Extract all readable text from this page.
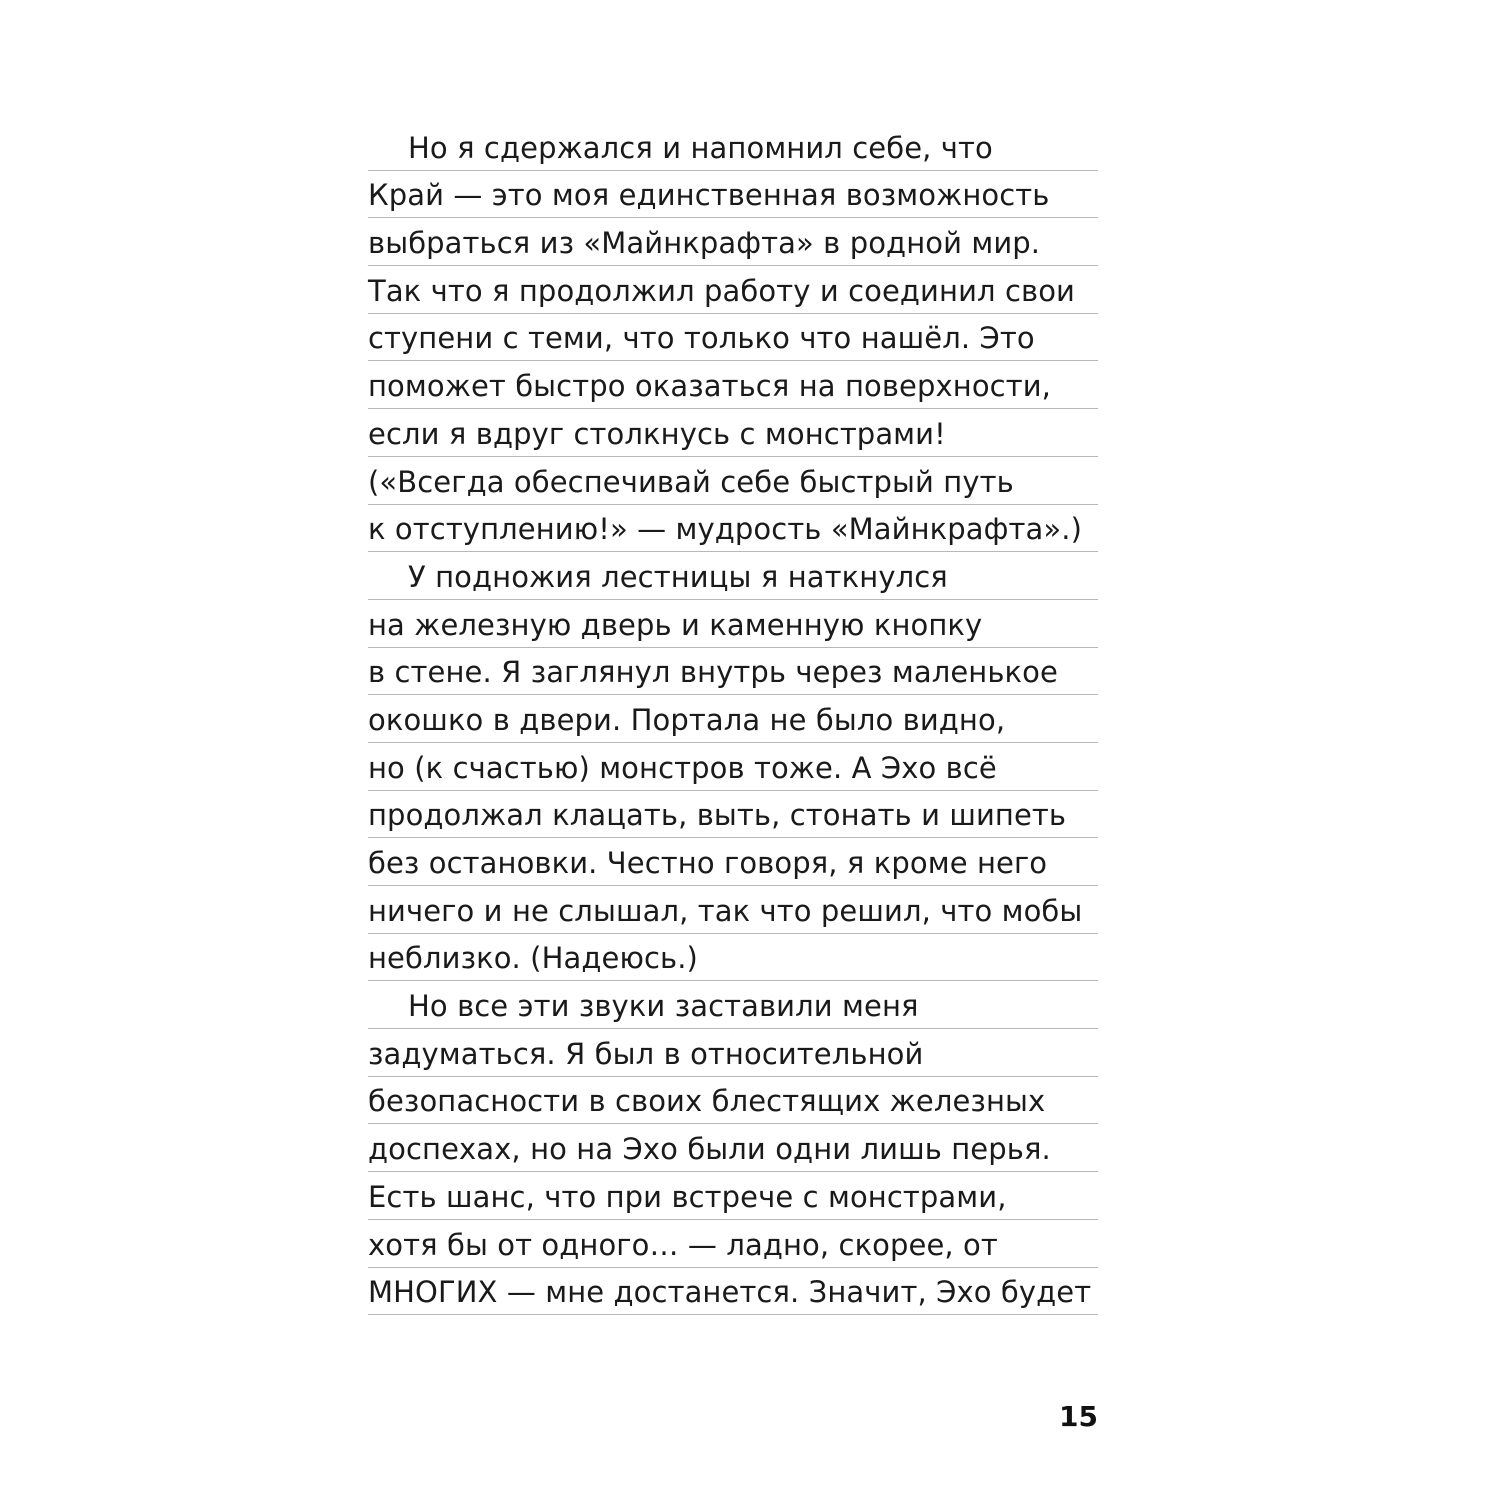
Но я сдержался и напомнил себе, что
Край — это моя единственная возможность
выбраться из «Майнкрафта» в родной мир.
Так что я продолжил работу и соединил свои
ступени с теми, что только что нашёл. Это
поможет быстро оказаться на поверхности,
если я вдруг столкнусь с монстрами!
(«Всегда обеспечивай себе быстрый путь
к отступлению!» — мудрость «Майнкрафта».)
У подножия лестницы я наткнулся
на железную дверь и каменную кнопку
в стене. Я заглянул внутрь через маленькое
окошко в двери. Портала не было видно,
но (к счастью) монстров тоже. А Эхо всё
продолжал клацать, выть, стонать и шипеть
без остановки. Честно говоря, я кроме него
ничего и не слышал, так что решил, что мобы
неблизко. (Надеюсь.)
Но все эти звуки заставили меня
задуматься. Я был в относительной
безопасности в своих блестящих железных
доспехах, но на Эхо были одни лишь перья.
Есть шанс, что при встрече с монстрами,
хотя бы от одного… — ладно, скорее, от
МНОГИХ — мне достанется. Значит, Эхо будет
15
